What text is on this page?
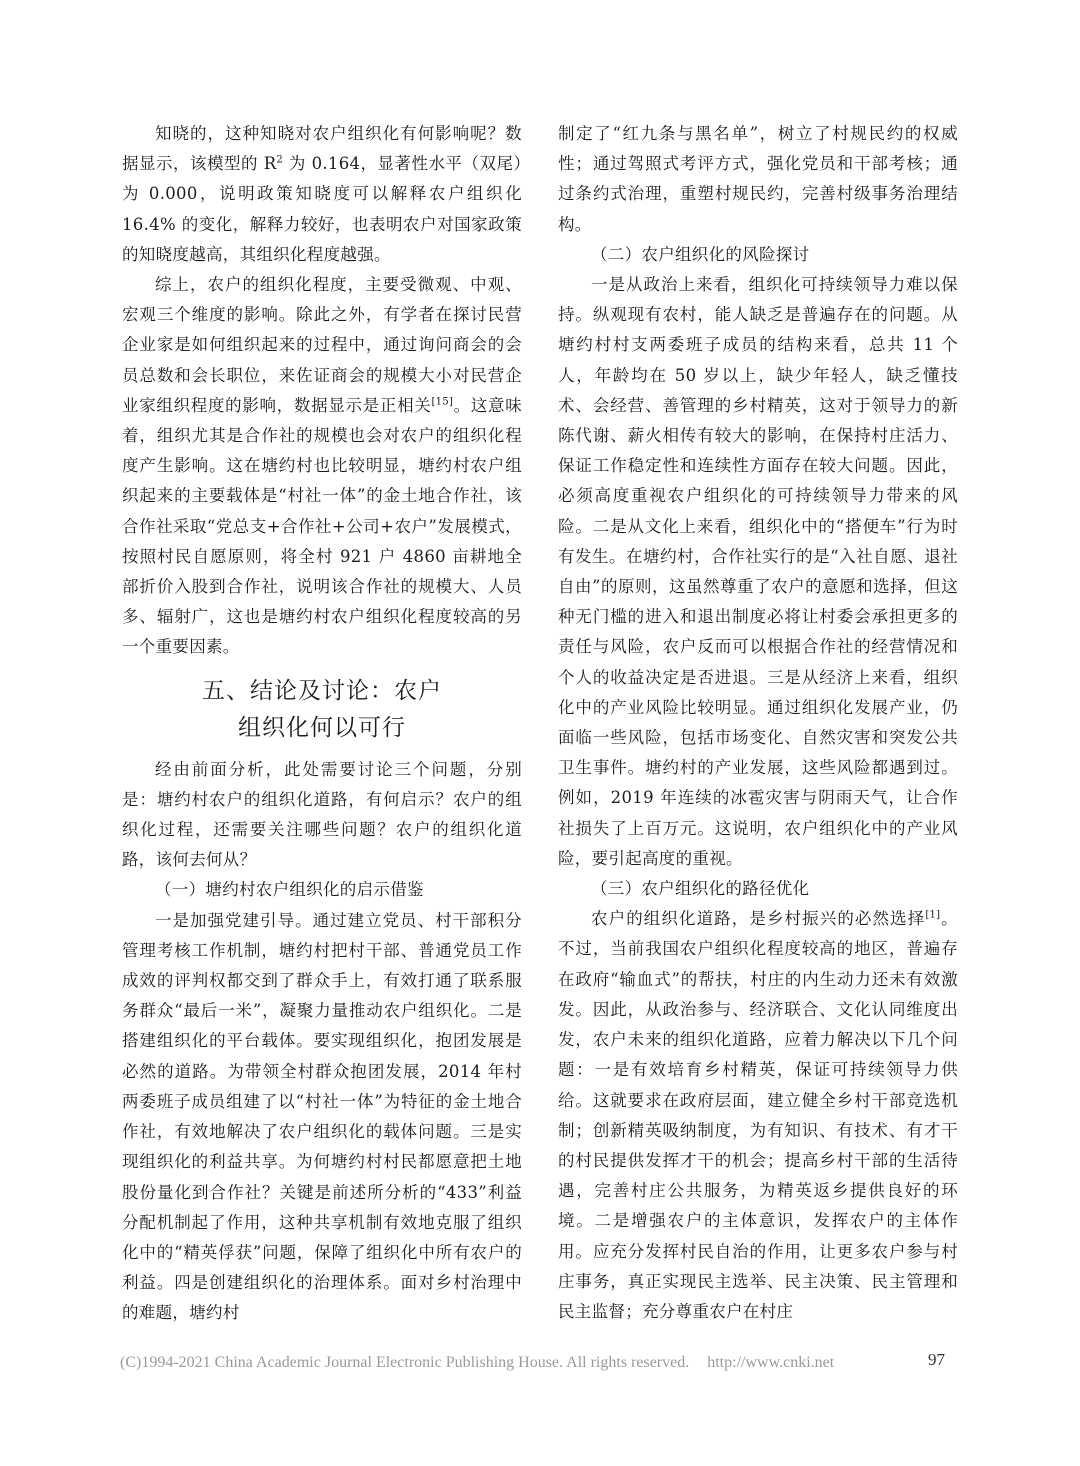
知晓的，这种知晓对农户组织化有何影响呢？数据显示，该模型的 $R^2$ 为 0.164，显著性水平（双尾）为 0.000，说明政策知晓度可以解释农户组织化 16.4% 的变化，解释力较好，也表明农户对国家政策的知晓度越高，其组织化程度越强。

综上，农户的组织化程度，主要受微观、中观、宏观三个维度的影响。除此之外，有学者在探讨民营企业家是如何组织起来的过程中，通过询问商会的会员总数和会长职位，来佐证商会的规模大小对民营企业家组织程度的影响，数据显示是正相关[15]。这意味着，组织尤其是合作社的规模也会对农户的组织化程度产生影响。这在塘约村也比较明显，塘约村农户组织起来的主要载体是“村社一体”的金土地合作社，该合作社采取“党总支+合作社+公司+农户”发展模式，按照村民自愿原则，将全村 921 户 4860 亩耕地全部折价入股到合作社，说明该合作社的规模大、人员多、辐射广，这也是塘约村农户组织化程度较高的另一个重要因素。

五、结论及讨论：农户
组织化何以可行

经由前面分析，此处需要讨论三个问题，分别是：塘约村农户的组织化道路，有何启示？农户的组织化过程，还需要关注哪些问题？农户的组织化道路，该何去何从？

（一）塘约村农户组织化的启示借鉴

一是加强党建引导。通过建立党员、村干部积分管理考核工作机制，塘约村把村干部、普通党员工作成效的评判权都交到了群众手上，有效打通了联系服务群众“最后一米”，凝聚力量推动农户组织化。二是搭建组织化的平台载体。要实现组织化，抱团发展是必然的道路。为带领全村群众抱团发展，2014 年村两委班子成员组建了以“村社一体”为特征的金土地合作社，有效地解决了农户组织化的载体问题。三是实现组织化的利益共享。为何塘约村村民都愿意把土地股份量化到合作社？关键是前述所分析的“433”利益分配机制起了作用，这种共享机制有效地克服了组织化中的“精英俘获”问题，保障了组织化中所有农户的利益。四是创建组织化的治理体系。面对乡村治理中的难题，塘约村

制定了“红九条与黑名单”，树立了村规民约的权威性；通过驾照式考评方式，强化党员和干部考核；通过条约式治理，重塑村规民约，完善村级事务治理结构。

（二）农户组织化的风险探讨

一是从政治上来看，组织化可持续领导力难以保持。纵观现有农村，能人缺乏是普遍存在的问题。从塘约村村支两委班子成员的结构来看，总共 11 个人，年龄均在 50 岁以上，缺少年轻人，缺乏懂技术、会经营、善管理的乡村精英，这对于领导力的新陈代谢、薪火相传有较大的影响，在保持村庄活力、保证工作稳定性和连续性方面存在较大问题。因此，必须高度重视农户组织化的可持续领导力带来的风险。二是从文化上来看，组织化中的“搭便车”行为时有发生。在塘约村，合作社实行的是“入社自愿、退社自由”的原则，这虽然尊重了农户的意愿和选择，但这种无门槛的进入和退出制度必将让村委会承担更多的责任与风险，农户反而可以根据合作社的经营情况和个人的收益决定是否进退。三是从经济上来看，组织化中的产业风险比较明显。通过组织化发展产业，仍面临一些风险，包括市场变化、自然灾害和突发公共卫生事件。塘约村的产业发展，这些风险都遇到过。例如，2019 年连续的冰雹灾害与阴雨天气，让合作社损失了上百万元。这说明，农户组织化中的产业风险，要引起高度的重视。

（三）农户组织化的路径优化

农户的组织化道路，是乡村振兴的必然选择[1]。不过，当前我国农户组织化程度较高的地区，普遍存在政府“输血式”的帮扶，村庄的内生动力还未有效激发。因此，从政治参与、经济联合、文化认同维度出发，农户未来的组织化道路，应着力解决以下几个问题：一是有效培育乡村精英，保证可持续领导力供给。这就要求在政府层面，建立健全乡村干部竞选机制；创新精英吸纳制度，为有知识、有技术、有才干的村民提供发挥才干的机会；提高乡村干部的生活待遇，完善村庄公共服务，为精英返乡提供良好的环境。二是增强农户的主体意识，发挥农户的主体作用。应充分发挥村民自治的作用，让更多农户参与村庄事务，真正实现民主选举、民主决策、民主管理和民主监督；充分尊重农户在村庄

(C)1994-2021 China Academic Journal Electronic Publishing House. All rights reserved. http://www.cnki.net	97
